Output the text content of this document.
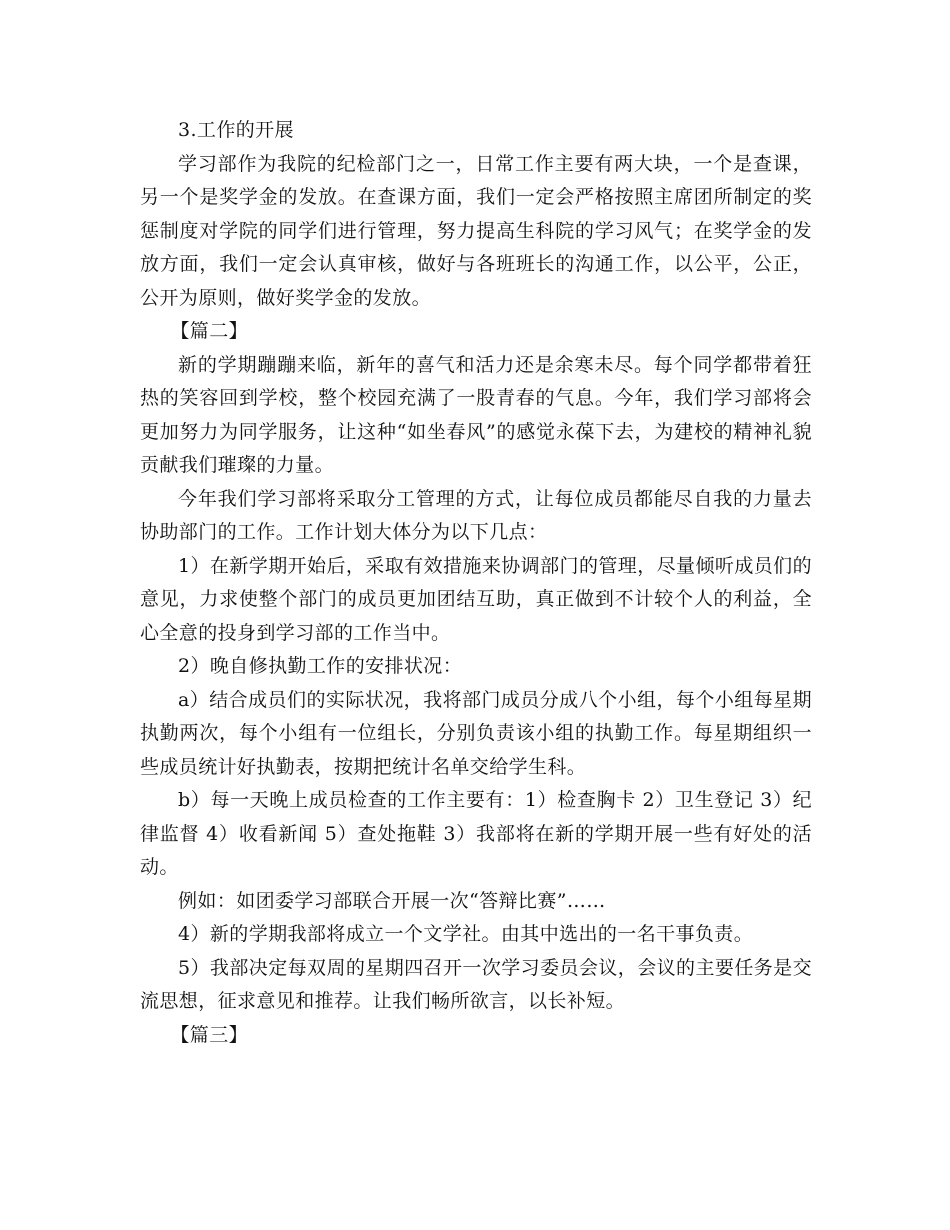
3.工作的开展

学习部作为我院的纪检部门之一，日常工作主要有两大块，一个是查课，另一个是奖学金的发放。在查课方面，我们一定会严格按照主席团所制定的奖惩制度对学院的同学们进行管理，努力提高生科院的学习风气；在奖学金的发放方面，我们一定会认真审核，做好与各班班长的沟通工作，以公平，公正，公开为原则，做好奖学金的发放。

【篇二】

新的学期蹦蹦来临，新年的喜气和活力还是余寒未尽。每个同学都带着狂热的笑容回到学校，整个校园充满了一股青春的气息。今年，我们学习部将会更加努力为同学服务，让这种“如坐春风”的感觉永葆下去，为建校的精神礼貌贡献我们璀璨的力量。

今年我们学习部将采取分工管理的方式，让每位成员都能尽自我的力量去协助部门的工作。工作计划大体分为以下几点：

1）在新学期开始后，采取有效措施来协调部门的管理，尽量倾听成员们的意见，力求使整个部门的成员更加团结互助，真正做到不计较个人的利益，全心全意的投身到学习部的工作当中。

2）晚自修执勤工作的安排状况：

a）结合成员们的实际状况，我将部门成员分成八个小组，每个小组每星期执勤两次，每个小组有一位组长，分别负责该小组的执勤工作。每星期组织一些成员统计好执勤表，按期把统计名单交给学生科。

b）每一天晚上成员检查的工作主要有：1）检查胸卡 2）卫生登记 3）纪律监督 4）收看新闻 5）查处拖鞋 3）我部将在新的学期开展一些有好处的活动。

例如：如团委学习部联合开展一次“答辩比赛”……

4）新的学期我部将成立一个文学社。由其中选出的一名干事负责。

5）我部决定每双周的星期四召开一次学习委员会议，会议的主要任务是交流思想，征求意见和推荐。让我们畅所欲言，以长补短。

【篇三】
